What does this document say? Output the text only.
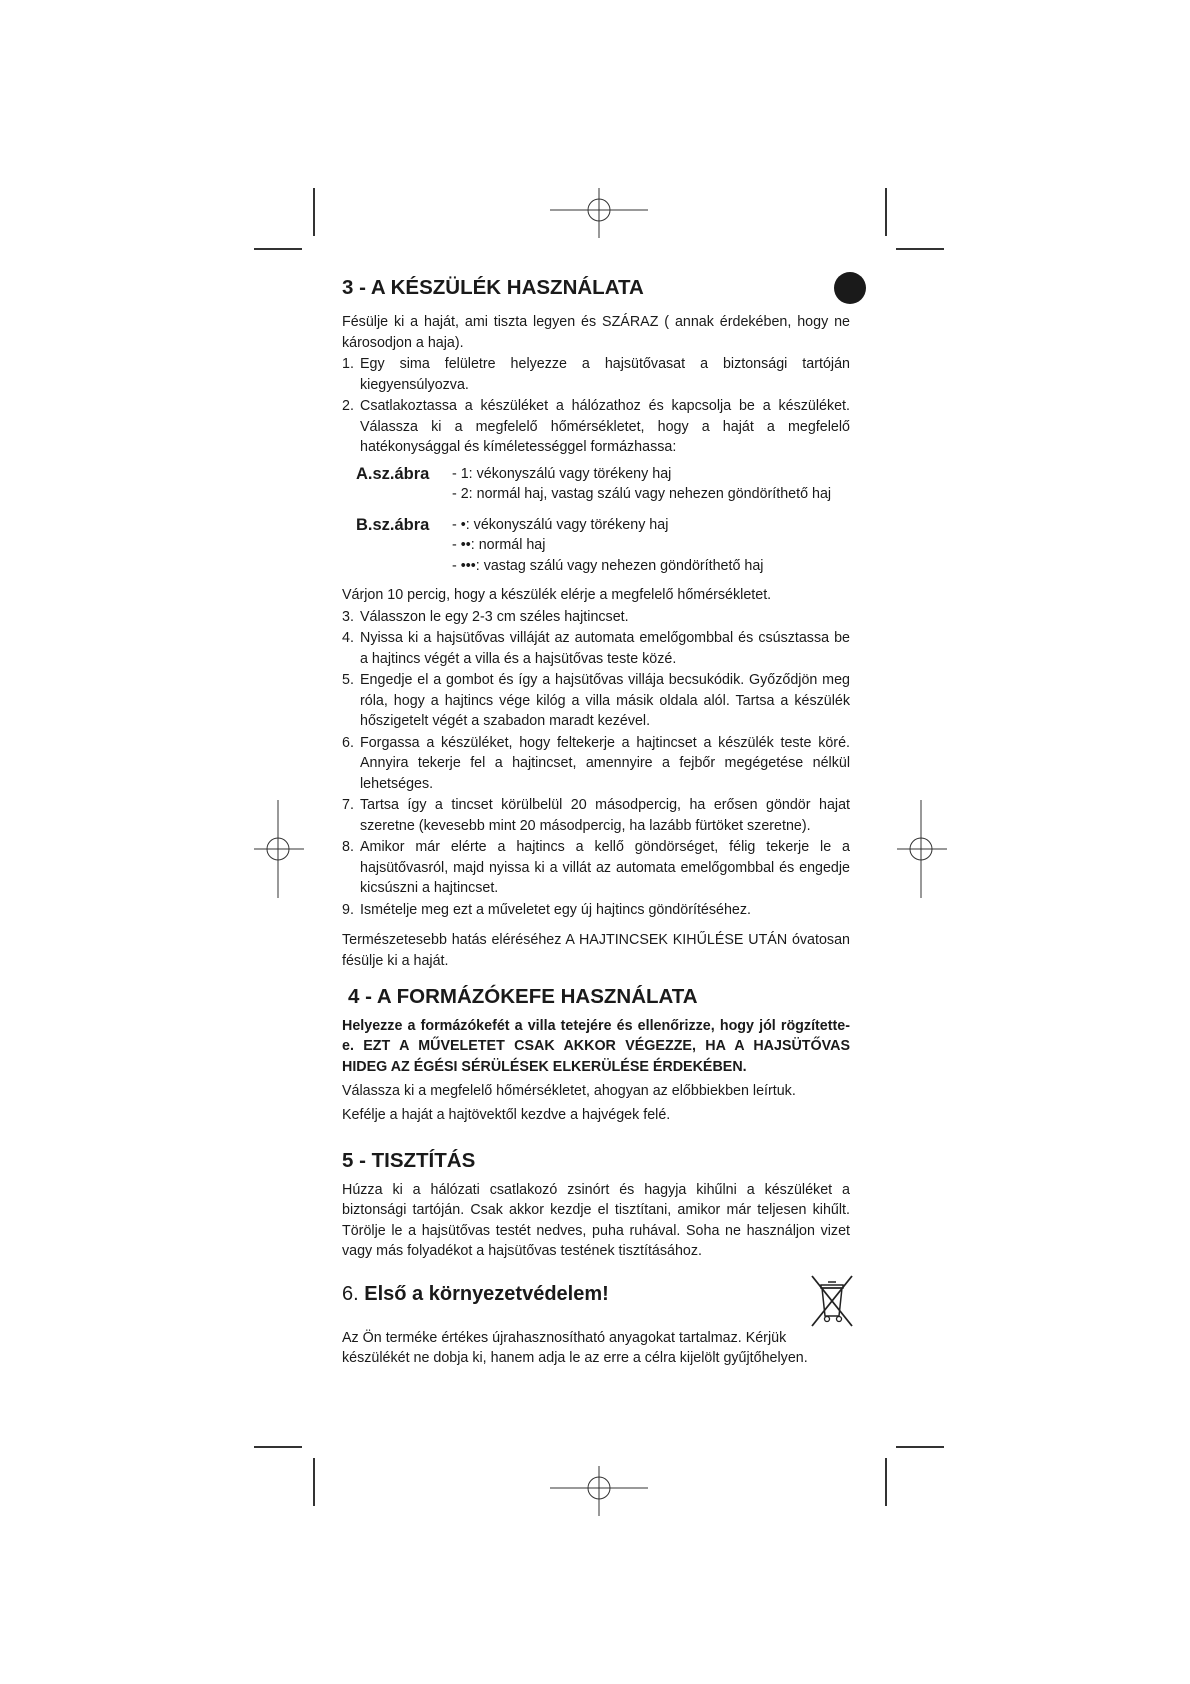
3 - A KÉSZÜLÉK HASZNÁLATA

Fésülje ki a haját, ami tiszta legyen és SZÁRAZ ( annak érdekében, hogy ne károsodjon a haja).

1. Egy sima felületre helyezze a hajsütővasat a biztonsági tartóján kiegyensúlyozva.
2. Csatlakoztassa a készüléket a hálózathoz és kapcsolja be a készüléket. Válassza ki a megfelelő hőmérsékletet, hogy a haját a megfelelő hatékonysággal és kíméletességgel formázhassa:
A.sz.ábra	- 1: vékonyszálú vagy törékeny haj
- 2: normál haj, vastag szálú vagy nehezen göndöríthető haj
B.sz.ábra	- •: vékonyszálú vagy törékeny haj
- ••: normál haj
- •••: vastag szálú vagy nehezen göndöríthető haj

Várjon 10 percig, hogy a készülék elérje a megfelelő hőmérsékletet.

3. Válasszon le egy 2-3 cm széles hajtincset.
4. Nyissa ki a hajsütővas villáját az automata emelőgombbal és csúsztassa be a hajtincs végét a villa és a hajsütővas teste közé.
5. Engedje el a gombot és így a hajsütővas villája becsukódik. Győződjön meg róla, hogy a hajtincs vége kilóg a villa másik oldala alól. Tartsa a készülék hőszigetelt végét a szabadon maradt kezével.
6. Forgassa a készüléket, hogy feltekerje a hajtincset a készülék teste köré. Annyira tekerje fel a hajtincset, amennyire a fejbőr megégetése nélkül lehetséges.
7. Tartsa így a tincset körülbelül 20 másodpercig, ha erősen göndör hajat szeretne (kevesebb mint 20 másodpercig, ha lazább fürtöket szeretne).
8. Amikor már elérte a hajtincs a kellő göndörséget, félig tekerje le a hajsütővasról, majd nyissa ki a villát az automata emelőgombbal és engedje kicsúszni a hajtincset.
9. Ismételje meg ezt a műveletet egy új hajtincs göndörítéséhez.

Természetesebb hatás eléréséhez A HAJTINCSEK KIHŰLÉSE UTÁN óvatosan fésülje ki a haját.

4 - A FORMÁZÓKEFE HASZNÁLATA

Helyezze a formázókefét a villa tetejére és ellenőrizze, hogy jól rögzítette-e. EZT A MŰVELETET CSAK AKKOR VÉGEZZE, HA A HAJSÜTŐVAS HIDEG AZ ÉGÉSI SÉRÜLÉSEK ELKERÜLÉSE ÉRDEKÉBEN.

Válassza ki a megfelelő hőmérsékletet, ahogyan az előbbiekben leírtuk.

Kefélje a haját a hajtövektől kezdve a hajvégek felé.

5 - TISZTÍTÁS

Húzza ki a hálózati csatlakozó zsinórt és hagyja kihűlni a készüléket a biztonsági tartóján. Csak akkor kezdje el tisztítani, amikor már teljesen kihűlt. Törölje le a hajsütővas testét nedves, puha ruhával. Soha ne használjon vizet vagy más folyadékot a hajsütővas testének tisztításához.

6. Első a környezetvédelem!

Az Ön terméke értékes újrahasznosítható anyagokat tartalmaz. Kérjük készülékét ne dobja ki, hanem adja le az erre a célra kijelölt gyűjtőhelyen.
